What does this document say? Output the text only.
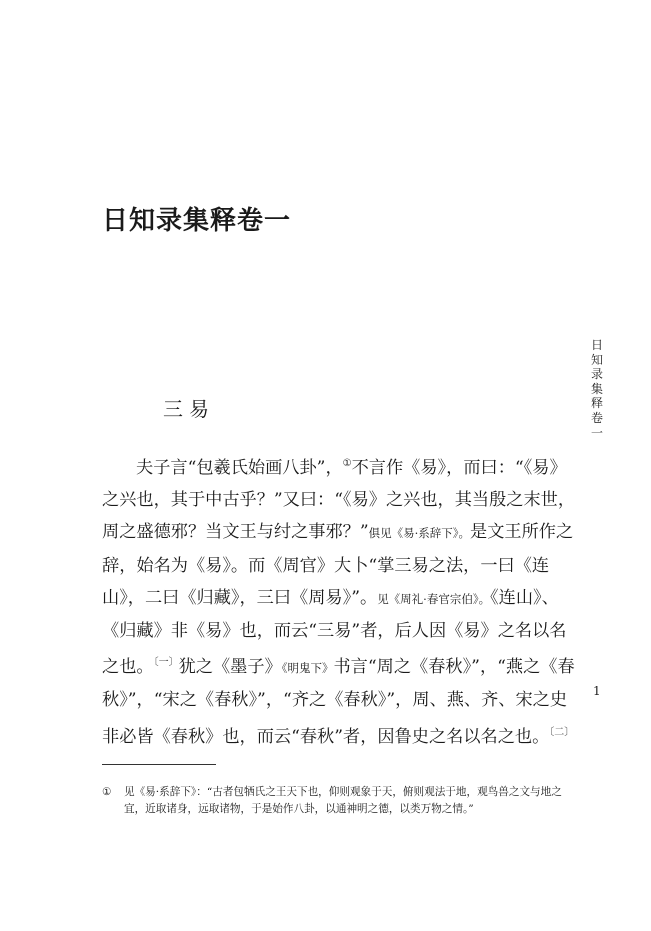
日知录集释卷一
三易

夫子言“包羲氏始画八卦”，①不言作《易》，而曰：“《易》之兴也，其于中古乎？”又曰：“《易》之兴也，其当殷之末世，周之盛德邪？当文王与纣之事邪？”俱见《易·系辞下》。是文王所作之辞，始名为《易》。而《周官》大卜“掌三易之法，一曰《连山》，二曰《归藏》，三曰《周易》”。见《周礼·春官宗伯》。《连山》、《归藏》非《易》也，而云“三易”者，后人因《易》之名以名之也。$^{〔一〕}$犹之《墨子》《明鬼下》书言“周之《春秋》”，“燕之《春秋》”，“宋之《春秋》”，“齐之《春秋》”，周、燕、齐、宋之史非必皆《春秋》也，而云“春秋”者，因鲁史之名以名之也。$^{〔二〕}$

① 见《易·系辞下》：“古者包牺氏之王天下也，仰则观象于天，俯则观法于地，观鸟兽之文与地之宜，近取诸身，远取诸物，于是始作八卦，以通神明之德，以类万物之情。”
日知录集释卷一
1
